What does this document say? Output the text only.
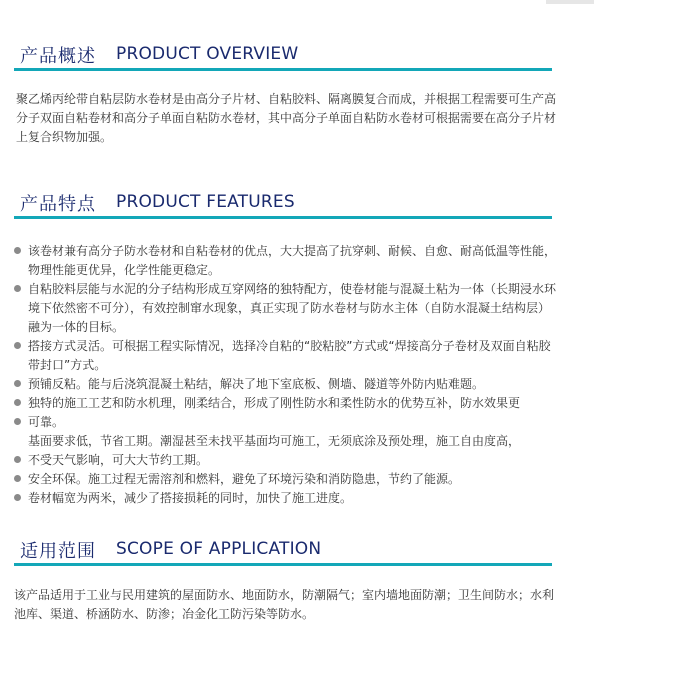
产品概述 PRODUCT OVERVIEW
聚乙烯丙纶带自粘层防水卷材是由高分子片材、自粘胶料、隔离膜复合而成，并根据工程需要可生产高分子双面自粘卷材和高分子单面自粘防水卷材，其中高分子单面自粘防水卷材可根据需要在高分子片材上复合织物加强。
产品特点 PRODUCT FEATURES
该卷材兼有高分子防水卷材和自粘卷材的优点，大大提高了抗穿刺、耐候、自愈、耐高低温等性能，物理性能更优异，化学性能更稳定。
自粘胶料层能与水泥的分子结构形成互穿网络的独特配方，使卷材能与混凝土粘为一体（长期浸水环境下依然密不可分），有效控制窜水现象，真正实现了防水卷材与防水主体（自防水混凝土结构层）融为一体的目标。
搭接方式灵活。可根据工程实际情况，选择冷自粘的“胶粘胶”方式或“焊接高分子卷材及双面自粘胶带封口”方式。
预铺反粘。能与后浇筑混凝土粘结，解决了地下室底板、侧墙、隧道等外防内贴难题。
独特的施工工艺和防水机理，刚柔结合，形成了刚性防水和柔性防水的优势互补，防水效果更
可靠。
基面要求低，节省工期。潮湿甚至未找平基面均可施工，无须底涂及预处理，施工自由度高，
不受天气影响，可大大节约工期。
安全环保。施工过程无需溶剂和燃料，避免了环境污染和消防隐患，节约了能源。
卷材幅宽为两米，减少了搭接损耗的同时，加快了施工进度。
适用范围 SCOPE OF APPLICATION
该产品适用于工业与民用建筑的屋面防水、地面防水，防潮隔气；室内墙地面防潮；卫生间防水；水利池库、渠道、桥涵防水、防渗；冶金化工防污染等防水。
